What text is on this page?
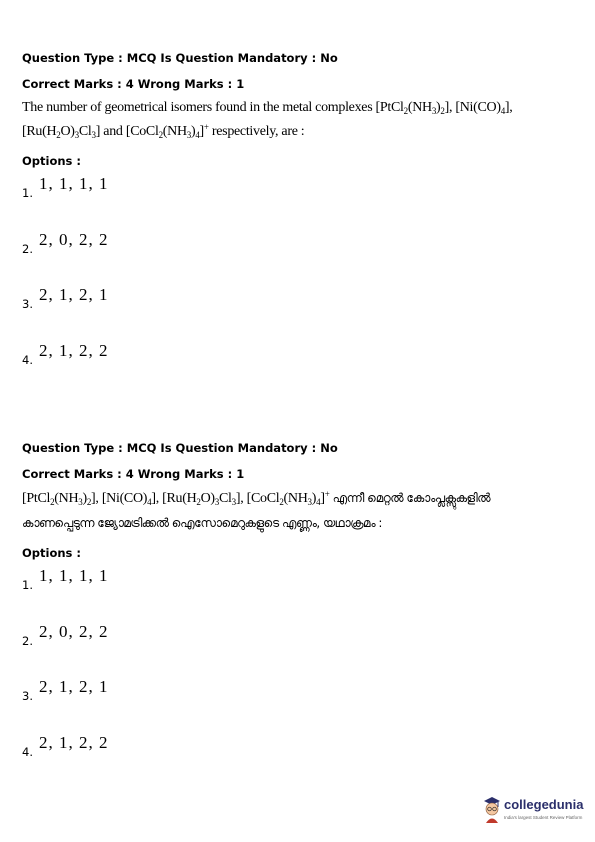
Question Type : MCQ Is Question Mandatory : No

Correct Marks : 4 Wrong Marks : 1

The number of geometrical isomers found in the metal complexes $[PtCl_2(NH_3)_2]$, $[Ni(CO)_4]$,
$[Ru(H_2O)_3Cl_3]$ and $[CoCl_2(NH_3)_4]^+$ respectively, are :

Options :

1. 1, 1, 1, 1
2. 2, 0, 2, 2
3. 2, 1, 2, 1
4. 2, 1, 2, 2

Question Type : MCQ Is Question Mandatory : No

Correct Marks : 4 Wrong Marks : 1

$[PtCl_2(NH_3)_2]$, $[Ni(CO)_4]$, $[Ru(H_2O)_3Cl_3]$, $[CoCl_2(NH_3)_4]^+$ എന്നീ മെറ്റൽ കോംപ്ലക്സുകളിൽ
കാണപ്പെടുന്ന ജ്യോമട്രിക്കൽ ഐസോമെറുകളുടെ എണ്ണം, യഥാക്രമം :

Options :

1. 1, 1, 1, 1
2. 2, 0, 2, 2
3. 2, 1, 2, 1
4. 2, 1, 2, 2
collegedunia
India's largest Student Review Platform
